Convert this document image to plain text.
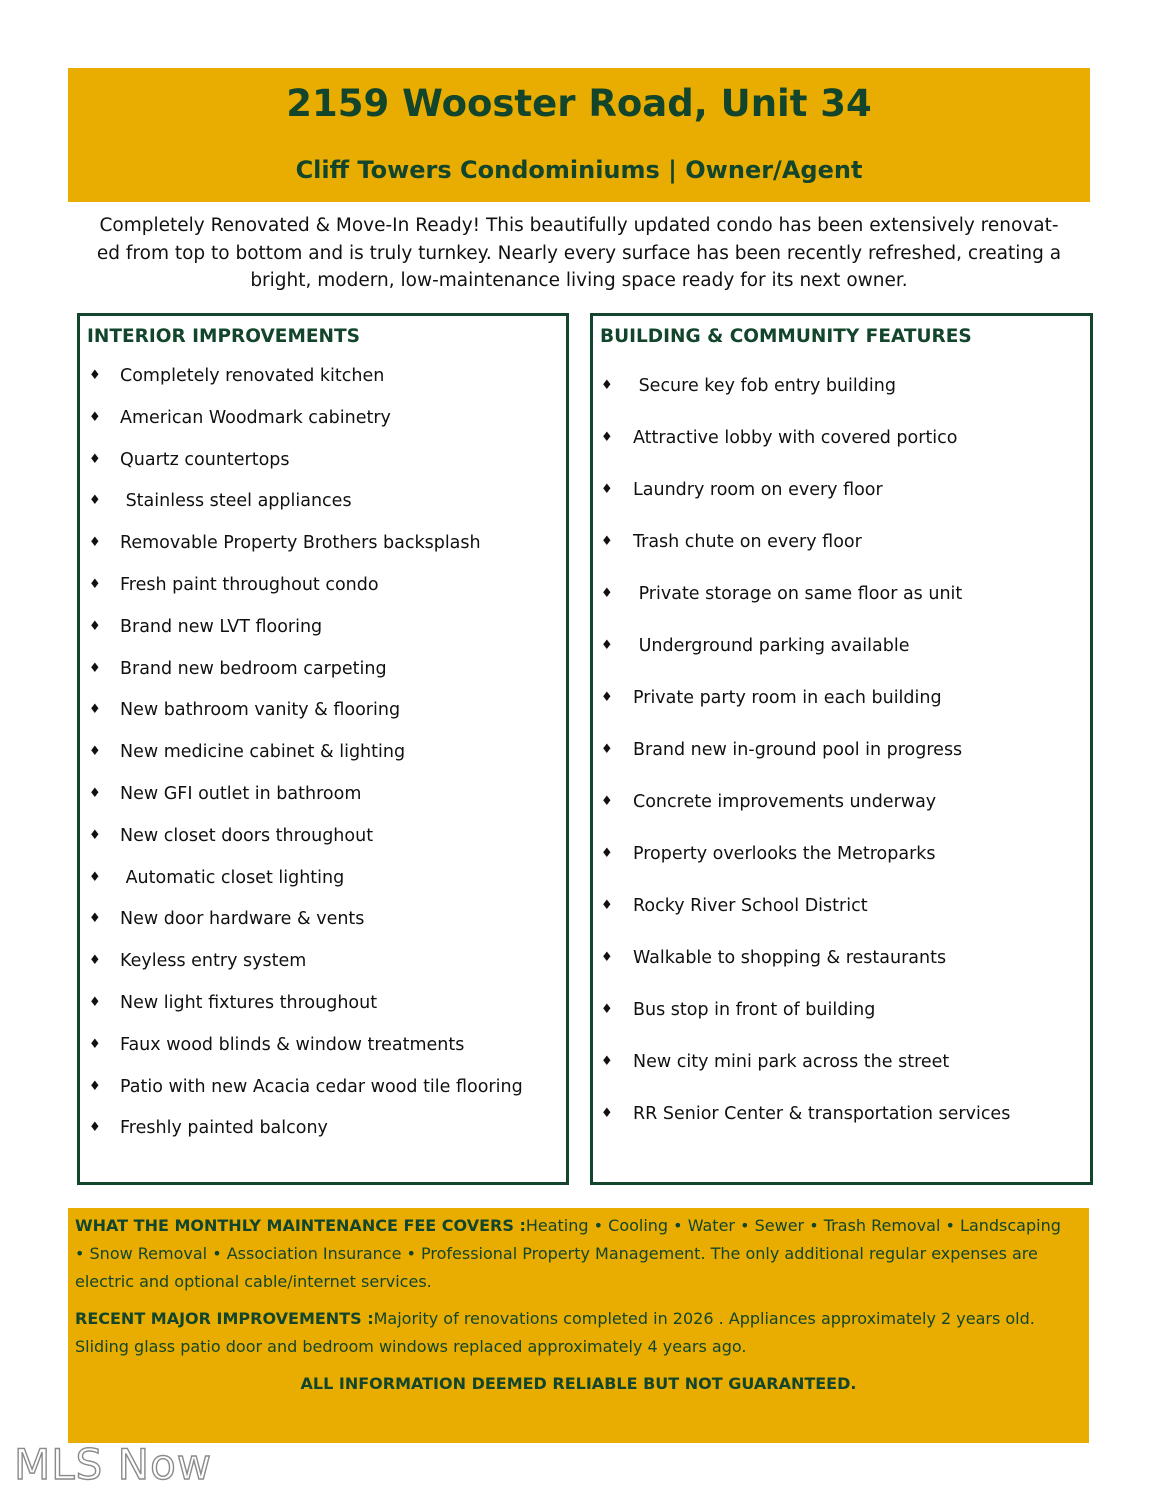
2159 Wooster Road, Unit 34
Cliff Towers Condominiums | Owner/Agent
Completely Renovated & Move-In Ready! This beautifully updated condo has been extensively renovat-
ed from top to bottom and is truly turnkey. Nearly every surface has been recently refreshed, creating a
bright, modern, low-maintenance living space ready for its next owner.
INTERIOR IMPROVEMENTS
♦ Completely renovated kitchen
♦ American Woodmark cabinetry
♦ Quartz countertops
♦ Stainless steel appliances
♦ Removable Property Brothers backsplash
♦ Fresh paint throughout condo
♦ Brand new LVT flooring
♦ Brand new bedroom carpeting
♦ New bathroom vanity & flooring
♦ New medicine cabinet & lighting
♦ New GFI outlet in bathroom
♦ New closet doors throughout
♦ Automatic closet lighting
♦ New door hardware & vents
♦ Keyless entry system
♦ New light fixtures throughout
♦ Faux wood blinds & window treatments
♦ Patio with new Acacia cedar wood tile flooring
♦ Freshly painted balcony
BUILDING & COMMUNITY FEATURES
♦ Secure key fob entry building
♦ Attractive lobby with covered portico
♦ Laundry room on every floor
♦ Trash chute on every floor
♦ Private storage on same floor as unit
♦ Underground parking available
♦ Private party room in each building
♦ Brand new in-ground pool in progress
♦ Concrete improvements underway
♦ Property overlooks the Metroparks
♦ Rocky River School District
♦ Walkable to shopping & restaurants
♦ Bus stop in front of building
♦ New city mini park across the street
♦ RR Senior Center & transportation services

WHAT THE MONTHLY MAINTENANCE FEE COVERS :Heating • Cooling • Water • Sewer • Trash Removal • Landscaping • Snow Removal • Association Insurance • Professional Property Management. The only additional regular expenses are electric and optional cable/internet services.

RECENT MAJOR IMPROVEMENTS :Majority of renovations completed in 2026 . Appliances approximately 2 years old. Sliding glass patio door and bedroom windows replaced approximately 4 years ago.

ALL INFORMATION DEEMED RELIABLE BUT NOT GUARANTEED.
MLS Now
